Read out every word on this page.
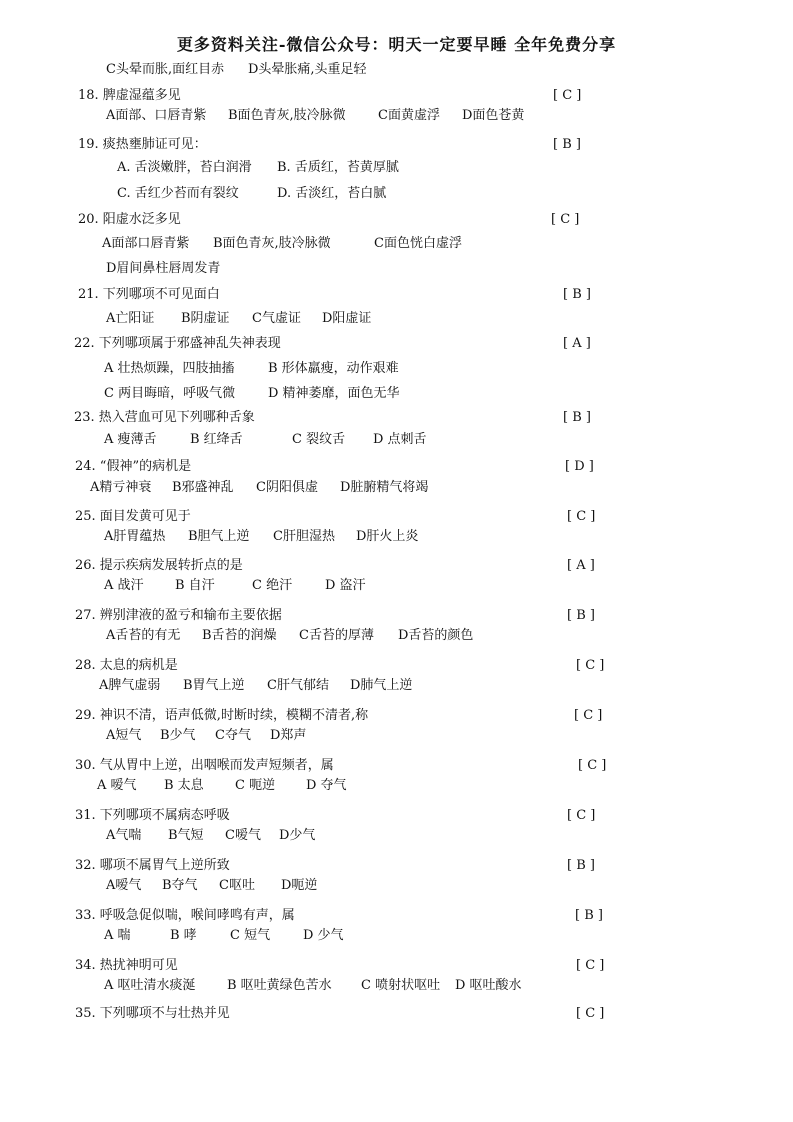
更多资料关注-微信公众号：明天一定要早睡 全年免费分享
C头晕而胀,面红目赤 D头晕胀痛,头重足轻
18. 脾虚湿蕴多见	[ C ]
A面部、口唇青紫 B面色青灰,肢冷脉微 C面黄虚浮 D面色苍黄
19. 痰热壅肺证可见：	[ B ]
A. 舌淡嫩胖，苔白润滑 B. 舌质红，苔黄厚腻
C. 舌红少苔而有裂纹	D. 舌淡红，苔白腻
20. 阳虚水泛多见	[ C ]
A面部口唇青紫 B面色青灰,肢冷脉微	C面色恍白虚浮
D眉间鼻柱唇周发青
21. 下列哪项不可见面白	[ B ]
A亡阳证 B阴虚证 C气虚证 D阳虚证
22. 下列哪项属于邪盛神乱失神表现	[ A ]
A 壮热烦躁，四肢抽搐	B 形体羸瘦，动作艰难
C 两目晦暗，呼吸气微	D 精神萎靡，面色无华
23. 热入营血可见下列哪种舌象	[ B ]
A 瘦薄舌	B 红绛舌	C 裂纹舌 D 点刺舌
24. “假神”的病机是	[ D ]
A精亏神衰 B邪盛神乱 C阴阳俱虚 D脏腑精气将竭
25. 面目发黄可见于	[ C ]
A肝胃蕴热 B胆气上逆 C肝胆湿热 D肝火上炎
26. 提示疾病发展转折点的是	[ A ]
A 战汗 B 自汗	C 绝汗	D 盗汗
27. 辨别津液的盈亏和输布主要依据	[ B ]
A舌苔的有无 B舌苔的润燥 C舌苔的厚薄 D舌苔的颜色
28. 太息的病机是	[ C ]
A脾气虚弱 B胃气上逆 C肝气郁结 D肺气上逆
29. 神识不清，语声低微,时断时续，模糊不清者,称	[ C ]
A短气 B少气 C夺气 D郑声
30. 气从胃中上逆，出咽喉而发声短频者，属	[ C ]
A 嗳气 B 太息 C 呃逆 D 夺气
31. 下列哪项不属病态呼吸	[ C ]
A气喘 B气短 C嗳气 D少气
32. 哪项不属胃气上逆所致	[ B ]
A嗳气 B夺气 C呕吐 D呃逆
33. 呼吸急促似喘，喉间哮鸣有声，属	[ B ]
A 喘	B 哮	C 短气	D 少气
34. 热扰神明可见	[ C ]
A 呕吐清水痰涎 B 呕吐黄绿色苦水 C 喷射状呕吐 D 呕吐酸水
35. 下列哪项不与壮热并见	[ C ]
